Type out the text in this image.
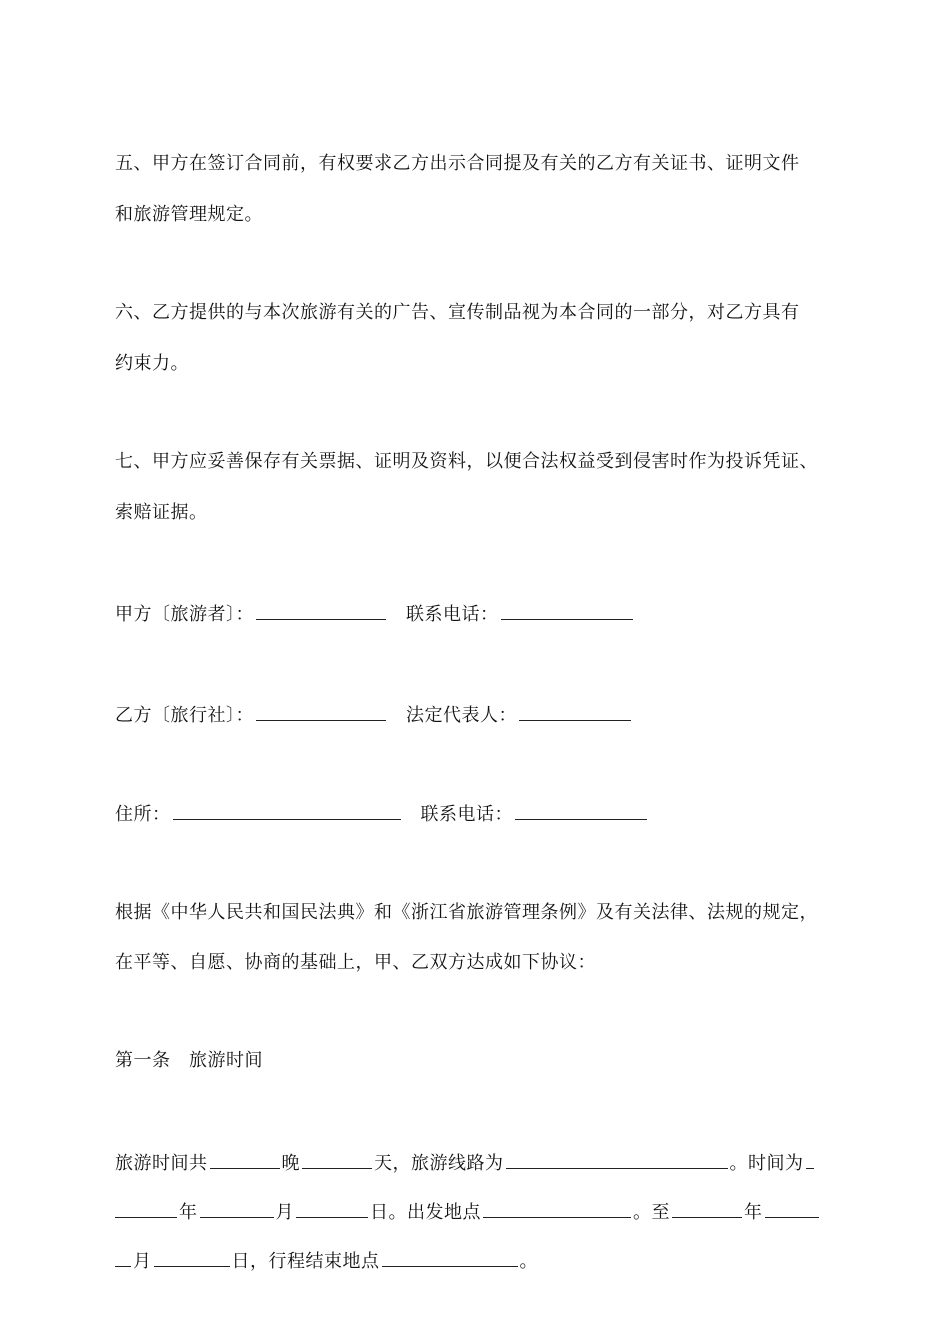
五、甲方在签订合同前，有权要求乙方出示合同提及有关的乙方有关证书、证明文件
和旅游管理规定。
六、乙方提供的与本次旅游有关的广告、宣传制品视为本合同的一部分，对乙方具有
约束力。
七、甲方应妥善保存有关票据、证明及资料，以便合法权益受到侵害时作为投诉凭证、
索赔证据。
甲方〔旅游者〕：	联系电话：
乙方〔旅行社〕：	法定代表人：
住所：	联系电话：
根据《中华人民共和国民法典》和《浙江省旅游管理条例》及有关法律、法规的规定，
在平等、自愿、协商的基础上，甲、乙双方达成如下协议：
第一条　旅游时间
旅游时间共	晚	天，旅游线路为	。时间为
年	月	日。出发地点	。至	年
月	日，行程结束地点	。
